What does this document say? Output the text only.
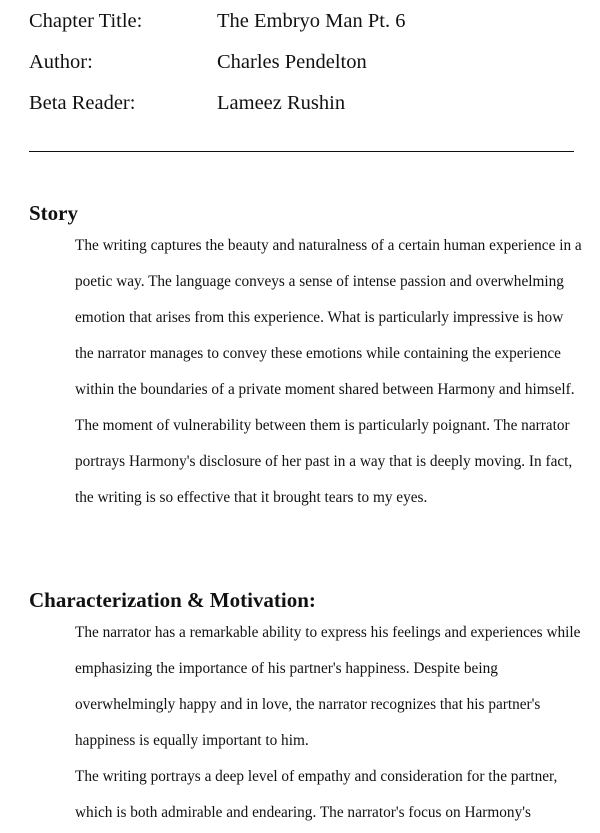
Chapter Title:	The Embryo Man Pt. 6
Author:	Charles Pendelton
Beta Reader:	Lameez Rushin
Story

The writing captures the beauty and naturalness of a certain human experience in a poetic way. The language conveys a sense of intense passion and overwhelming emotion that arises from this experience. What is particularly impressive is how the narrator manages to convey these emotions while containing the experience within the boundaries of a private moment shared between Harmony and himself.

The moment of vulnerability between them is particularly poignant. The narrator portrays Harmony's disclosure of her past in a way that is deeply moving. In fact, the writing is so effective that it brought tears to my eyes.

Characterization & Motivation:

The narrator has a remarkable ability to express his feelings and experiences while emphasizing the importance of his partner's happiness. Despite being overwhelmingly happy and in love, the narrator recognizes that his partner's happiness is equally important to him.

The writing portrays a deep level of empathy and consideration for the partner, which is both admirable and endearing. The narrator's focus on Harmony's
